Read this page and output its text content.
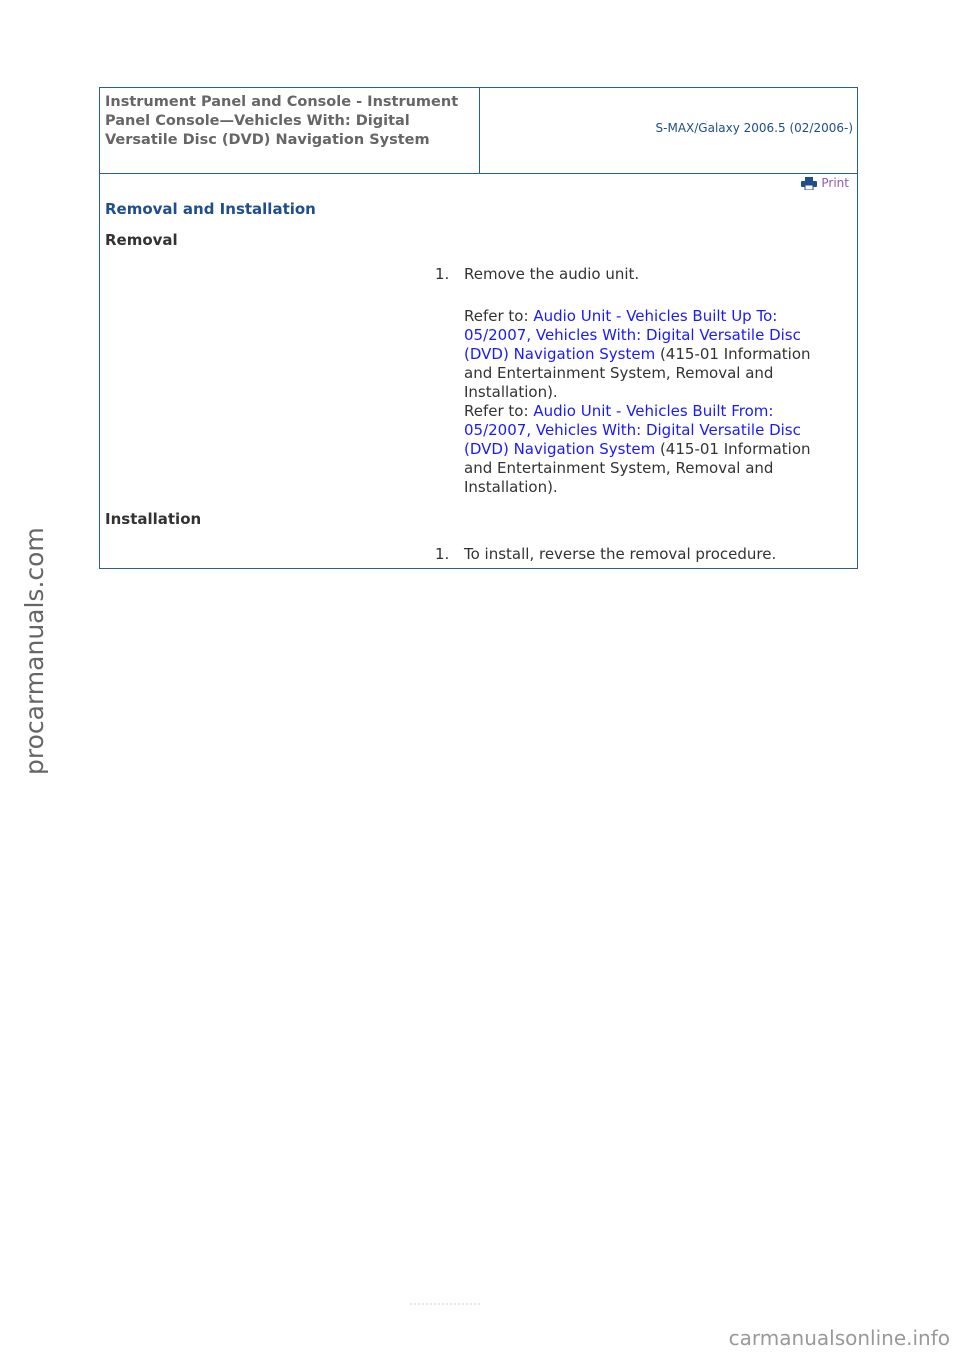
Instrument Panel and Console - Instrument Panel Console—Vehicles With: Digital Versatile Disc (DVD) Navigation System
S-MAX/Galaxy 2006.5 (02/2006-)
Print
Removal and Installation
Removal
1. Remove the audio unit.

Refer to: Audio Unit - Vehicles Built Up To: 05/2007, Vehicles With: Digital Versatile Disc (DVD) Navigation System (415-01 Information and Entertainment System, Removal and Installation).

Refer to: Audio Unit - Vehicles Built From: 05/2007, Vehicles With: Digital Versatile Disc (DVD) Navigation System (415-01 Information and Entertainment System, Removal and Installation).

Installation
1. To install, reverse the removal procedure.

procarmanuals.com
carmanualsonline.info
